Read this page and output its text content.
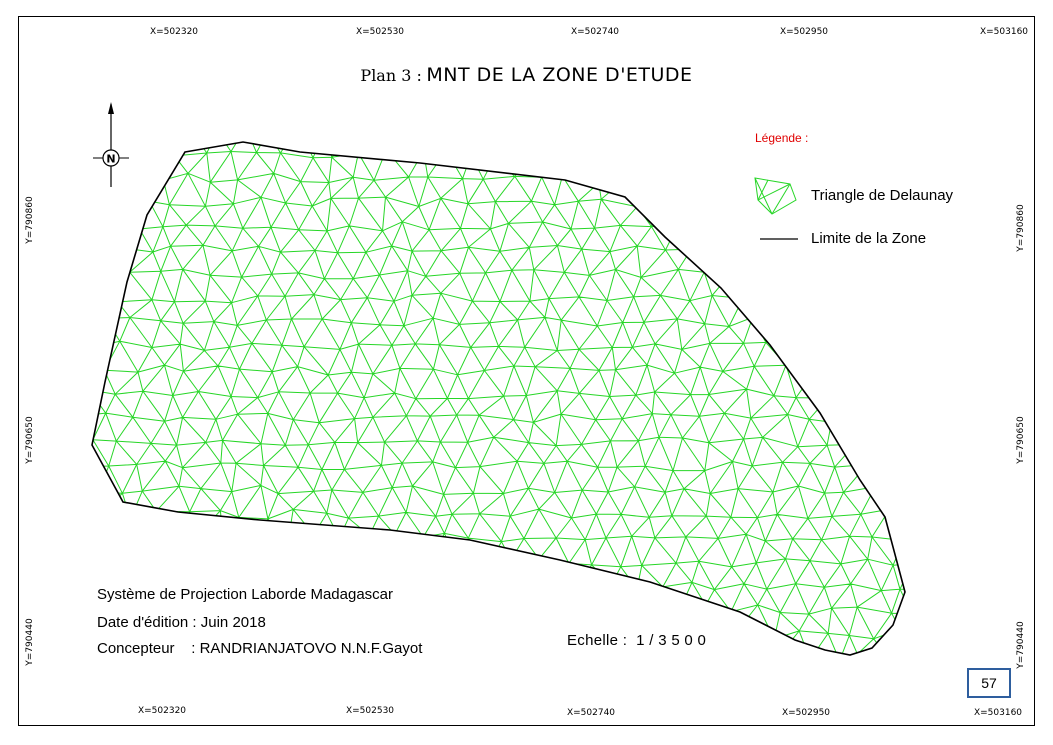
N
Plan 3 : MNT DE LA ZONE D'ETUDE
X=502320	X=502530	X=502740	X=502950	X=503160
X=502320	X=502530	X=502740	X=502950	X=503160
Y=790860
Y=790650
Y=790440
Y=790860
Y=790650
Y=790440
Légende :
Triangle de Delaunay
Limite de la Zone
Système de Projection Laborde Madagascar
Date d'édition : Juin 2018
Concepteur : RANDRIANJATOVO N.N.F.Gayot	Echelle : 1 / 3 5 0 0
57
